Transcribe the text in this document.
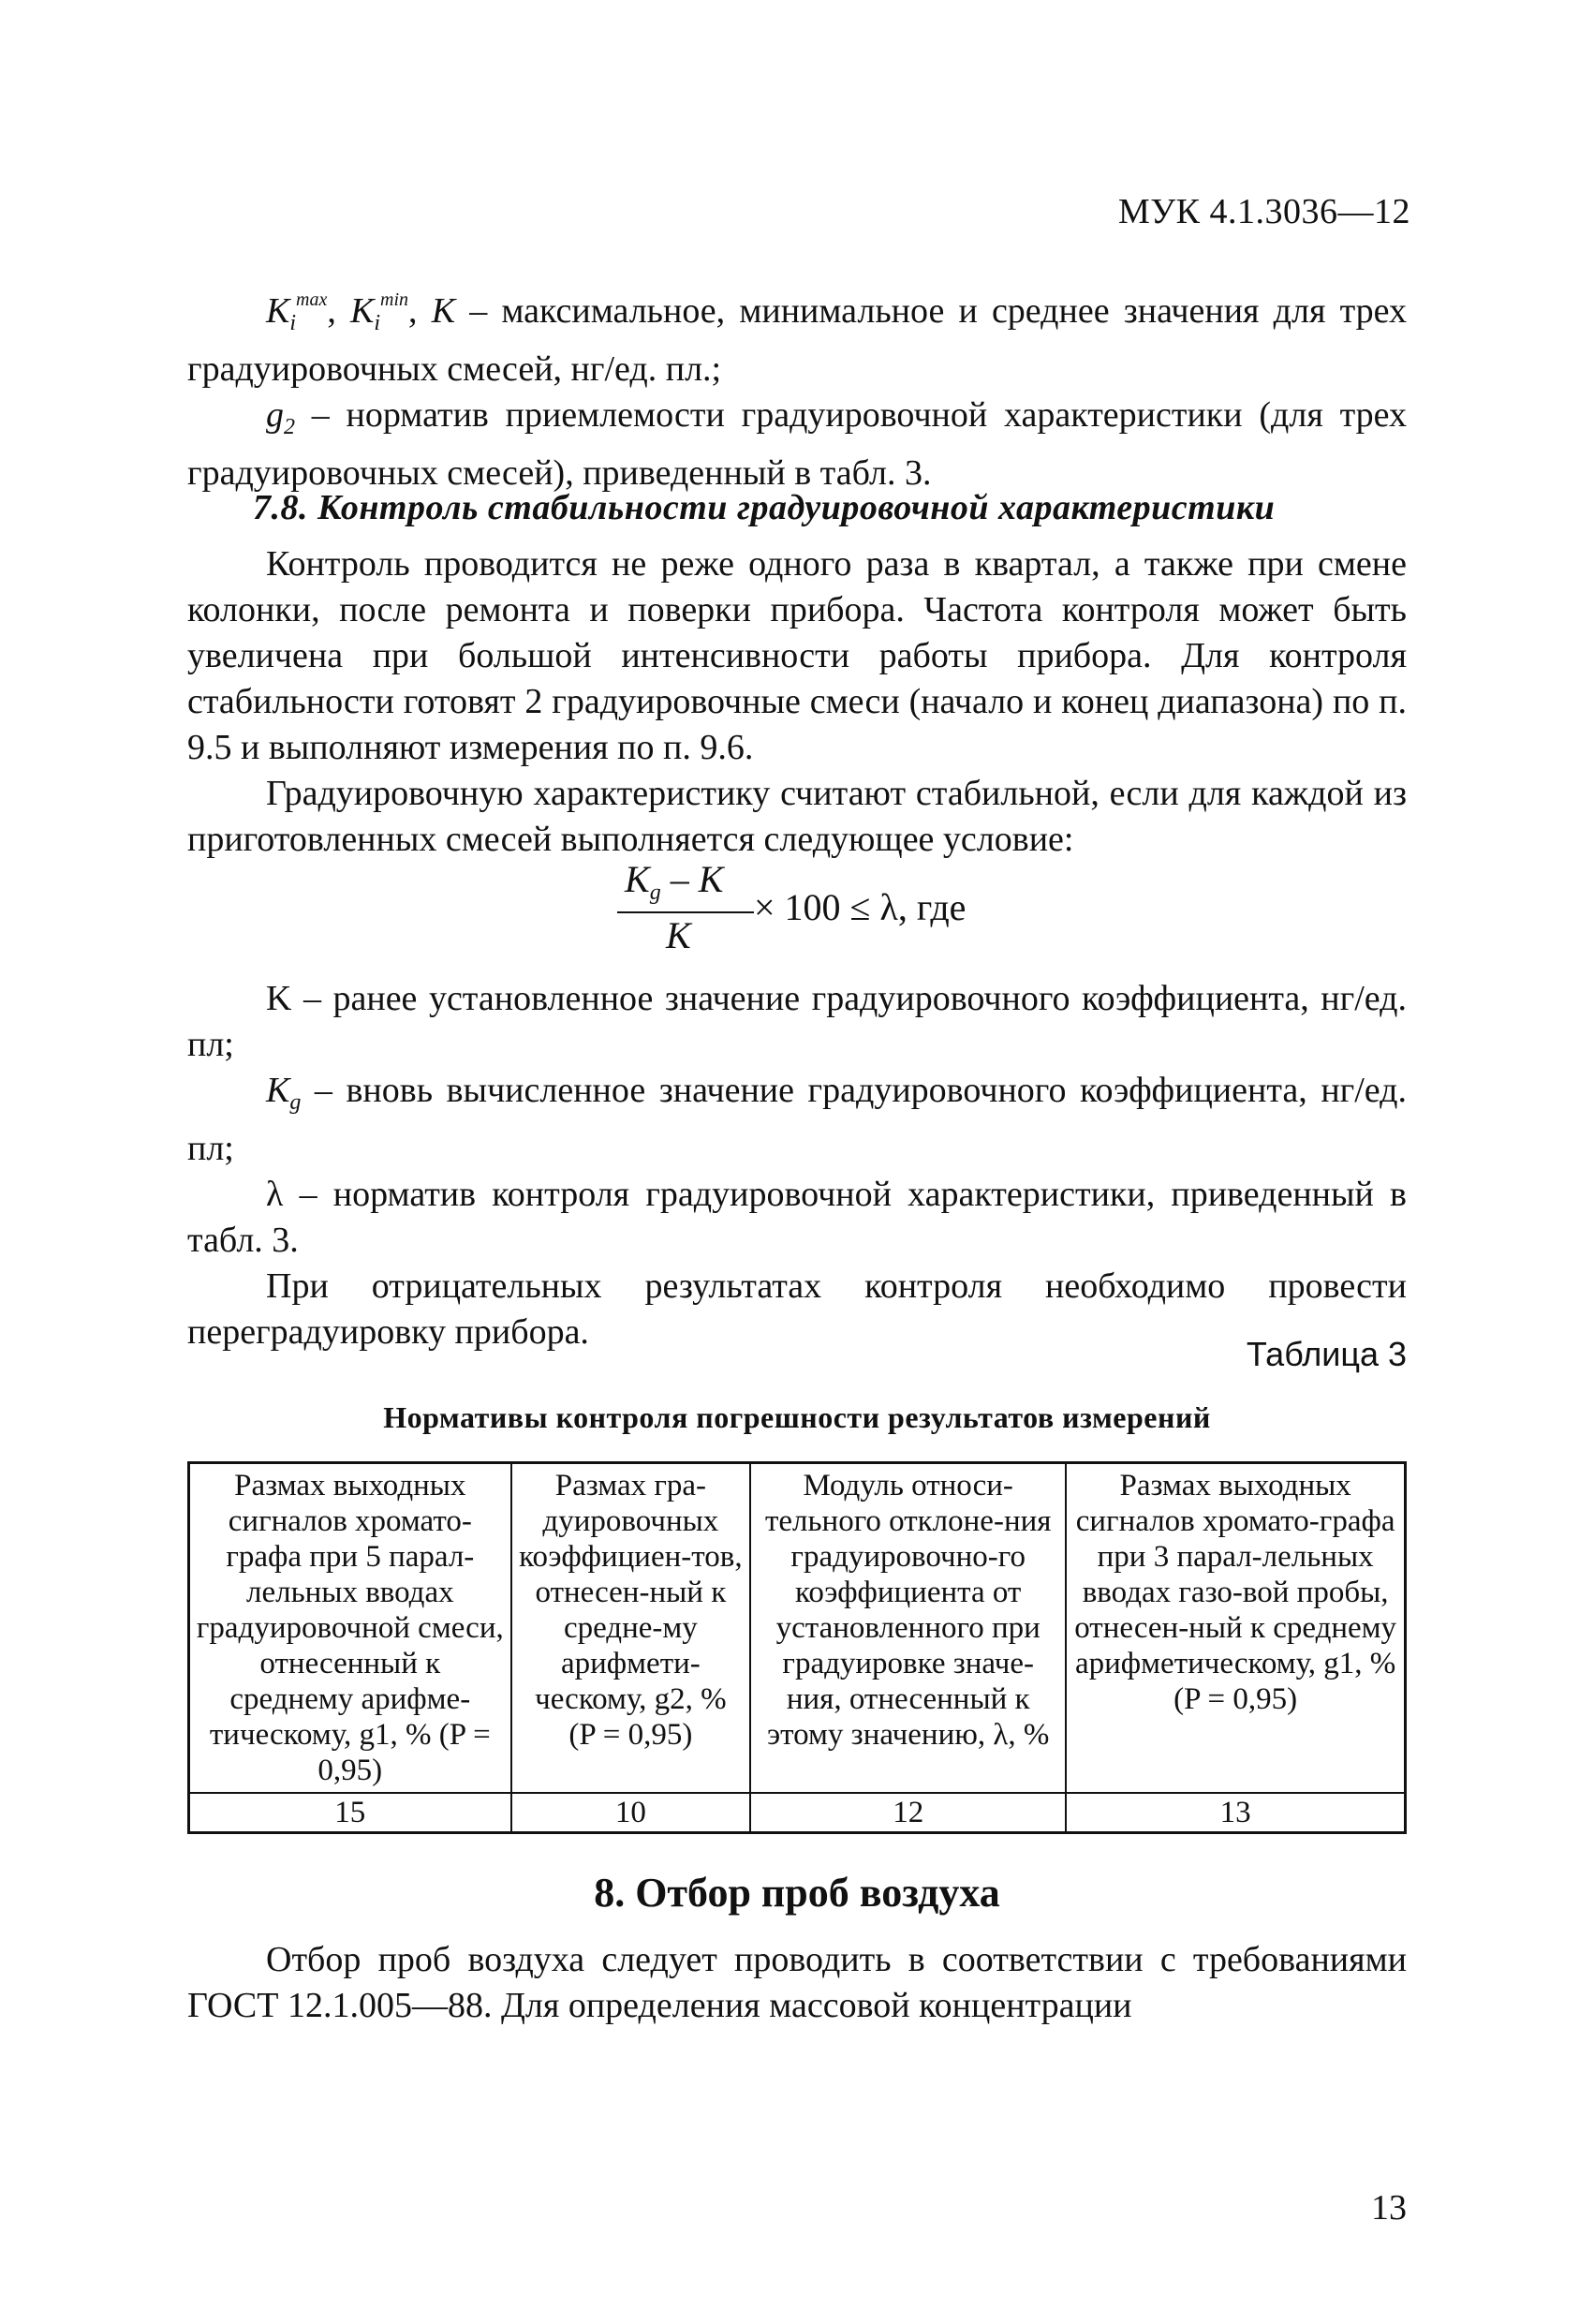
МУК 4.1.3036—12

$K_i^{max}$, $K_i^{min}$, K – максимальное, минимальное и среднее значения для трех градуировочных смесей, нг/ед. пл.;

$g_2$ – норматив приемлемости градуировочной характеристики (для трех градуировочных смесей), приведенный в табл. 3.

7.8. Контроль стабильности градуировочной характеристики

Контроль проводится не реже одного раза в квартал, а также при смене колонки, после ремонта и поверки прибора. Частота контроля может быть увеличена при большой интенсивности работы прибора. Для контроля стабильности готовят 2 градуировочные смеси (начало и конец диапазона) по п. 9.5 и выполняют измерения по п. 9.6.

Градуировочную характеристику считают стабильной, если для каждой из приготовленных смесей выполняется следующее условие:

$K_g$ – K
K
× 100 ≤ λ, где

K – ранее установленное значение градуировочного коэффициента, нг/ед. пл;

$K_g$ – вновь вычисленное значение градуировочного коэффициента, нг/ед. пл;

λ – норматив контроля градуировочной характеристики, приведенный в табл. 3.

При отрицательных результатах контроля необходимо провести переградуировку прибора.

Таблица 3
Нормативы контроля погрешности результатов измерений
Размах выходных сигналов хромато-графа при 5 парал-лельных вводах градуировочной смеси, отнесенный к среднему арифме-тическому, g1, % (P = 0,95)	Размах гра-дуировочных коэффициен-тов, отнесен-ный к средне-му арифмети-ческому, g2, % (P = 0,95)	Модуль относи-тельного отклоне-ния градуировочно-го коэффициента от установленного при градуировке значе-ния, отнесенный к этому значению, λ, %	Размах выходных сигналов хромато-графа при 3 парал-лельных вводах газо-вой пробы, отнесен-ный к среднему арифметическому, g1, % (P = 0,95)
15	10	12	13
8. Отбор проб воздуха

Отбор проб воздуха следует проводить в соответствии с требованиями ГОСТ 12.1.005—88. Для определения массовой концентрации

13
